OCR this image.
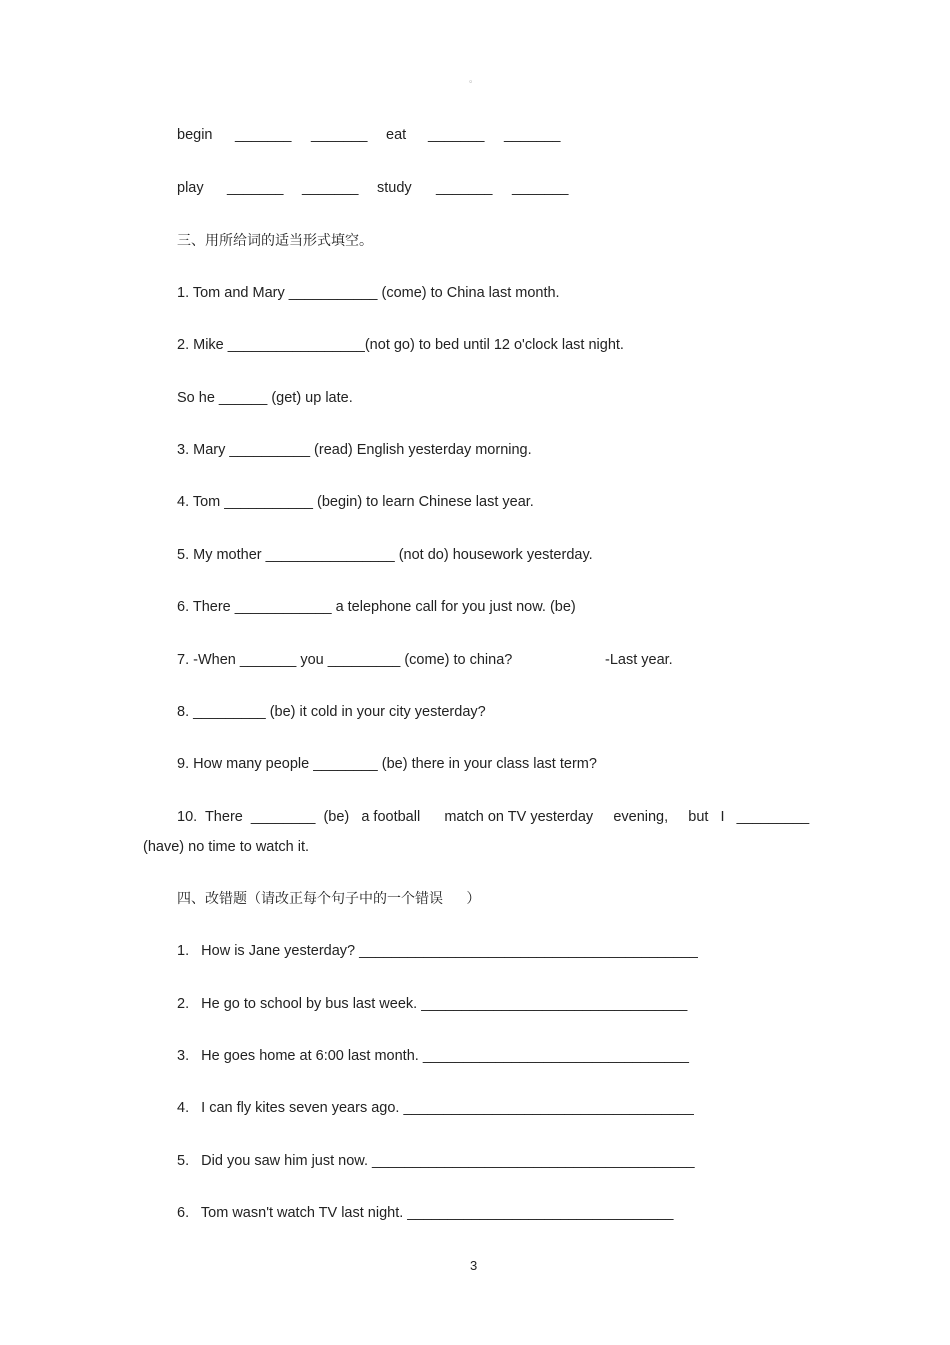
。
begin _______ _______ eat _______ _______
play _______ _______ study _______ _______
三、用所给词的适当形式填空。
1. Tom and Mary ___________ (come) to China last month.
2. Mike _________________(not go) to bed until 12 o'clock last night.
So he ______ (get) up late.
3. Mary __________ (read) English yesterday morning.
4. Tom ___________ (begin) to learn Chinese last year.
5. My mother ________________ (not do) housework yesterday.
6. There ____________ a telephone call for you just now. (be)
7. -When _______ you _________ (come) to china?	-Last year.
8. _________ (be) it cold in your city yesterday?
9. How many people ________ (be) there in your class last term?
10.  There  ________  (be)   a football      match on TV yesterday     evening,     but   I   _________
(have) no time to watch it.
四、改错题（请改正每个句子中的一个错误      ）
1.   How is Jane yesterday? __________________________________________
2.   He go to school by bus last week. _________________________________
3.   He goes home at 6:00 last month. _________________________________
4.   I can fly kites seven years ago. ____________________________________
5.   Did you saw him just now. ________________________________________
6.   Tom wasn't watch TV last night. _________________________________
3
